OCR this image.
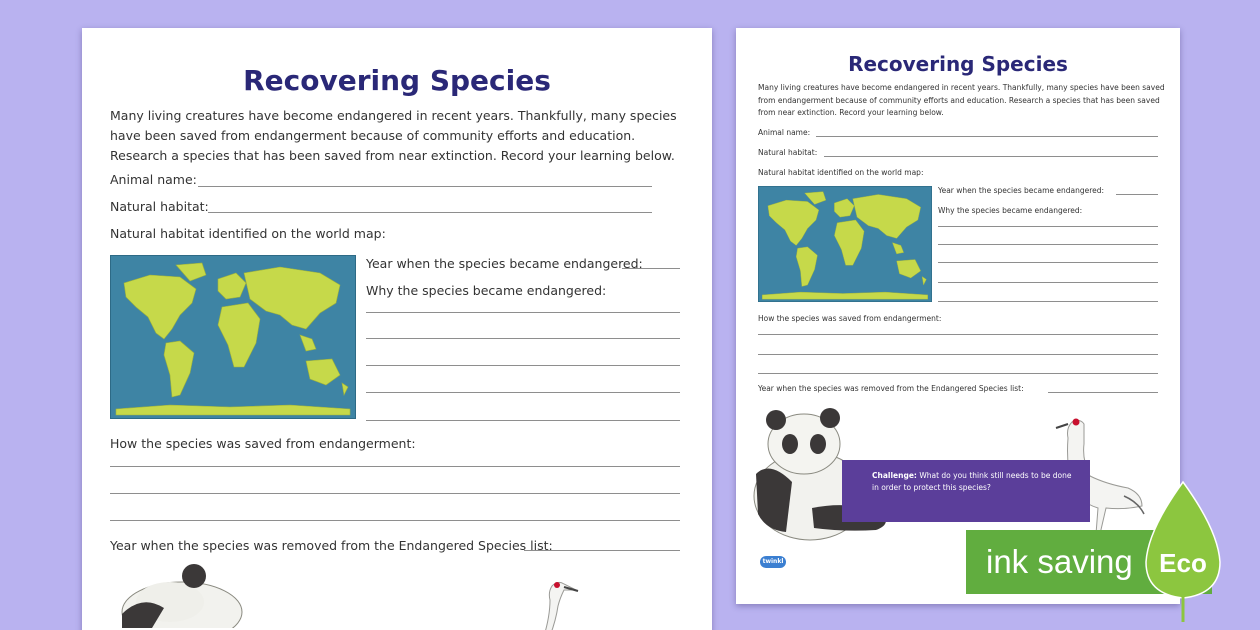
Recovering Species
Many living creatures have become endangered in recent years. Thankfully, many species have been saved from endangerment because of community efforts and education. Research a species that has been saved from near extinction. Record your learning below.
Animal name:
Natural habitat:
Natural habitat identified on the world map:
Year when the species became endangered:
Why the species became endangered:
How the species was saved from endangerment:
Year when the species was removed from the Endangered Species list:
Recovering Species
Many living creatures have become endangered in recent years. Thankfully, many species have been saved from endangerment because of community efforts and education. Research a species that has been saved from near extinction. Record your learning below.
Animal name:
Natural habitat:
Natural habitat identified on the world map:
Year when the species became endangered:
Why the species became endangered:
How the species was saved from endangerment:
Year when the species was removed from the Endangered Species list:
Challenge: What do you think still needs to be done in order to protect this species?
twinkl	ink saving Eco
